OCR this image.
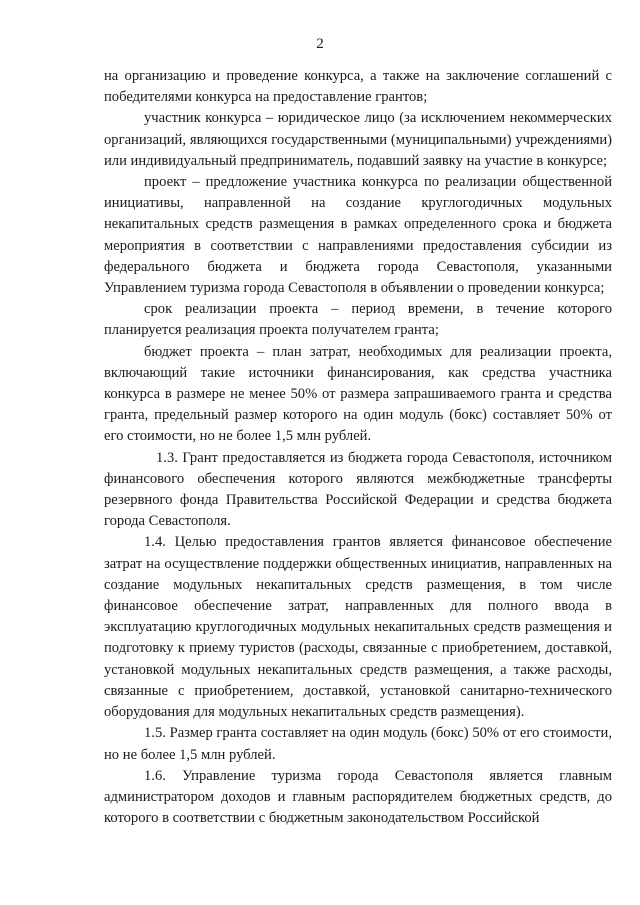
2

на организацию и проведение конкурса, а также на заключение соглашений с победителями конкурса на предоставление грантов;

участник конкурса – юридическое лицо (за исключением некоммерческих организаций, являющихся государственными (муниципальными) учреждениями) или индивидуальный предприниматель, подавший заявку на участие в конкурсе;

проект – предложение участника конкурса по реализации общественной инициативы, направленной на создание круглогодичных модульных некапитальных средств размещения в рамках определенного срока и бюджета мероприятия в соответствии с направлениями предоставления субсидии из федерального бюджета и бюджета города Севастополя, указанными Управлением туризма города Севастополя в объявлении о проведении конкурса;

срок реализации проекта – период времени, в течение которого планируется реализация проекта получателем гранта;

бюджет проекта – план затрат, необходимых для реализации проекта, включающий такие источники финансирования, как средства участника конкурса в размере не менее 50% от размера запрашиваемого гранта и средства гранта, предельный размер которого на один модуль (бокс) составляет 50% от его стоимости, но не более 1,5 млн рублей.

1.3. Грант предоставляется из бюджета города Севастополя, источником финансового обеспечения которого являются межбюджетные трансферты резервного фонда Правительства Российской Федерации и средства бюджета города Севастополя.

1.4. Целью предоставления грантов является финансовое обеспечение затрат на осуществление поддержки общественных инициатив, направленных на создание модульных некапитальных средств размещения, в том числе финансовое обеспечение затрат, направленных для полного ввода в эксплуатацию круглогодичных модульных некапитальных средств размещения и подготовку к приему туристов (расходы, связанные с приобретением, доставкой, установкой модульных некапитальных средств размещения, а также расходы, связанные с приобретением, доставкой, установкой санитарно-технического оборудования для модульных некапитальных средств размещения).

1.5. Размер гранта составляет на один модуль (бокс) 50% от его стоимости, но не более 1,5 млн рублей.

1.6. Управление туризма города Севастополя является главным администратором доходов и главным распорядителем бюджетных средств, до которого в соответствии с бюджетным законодательством Российской
